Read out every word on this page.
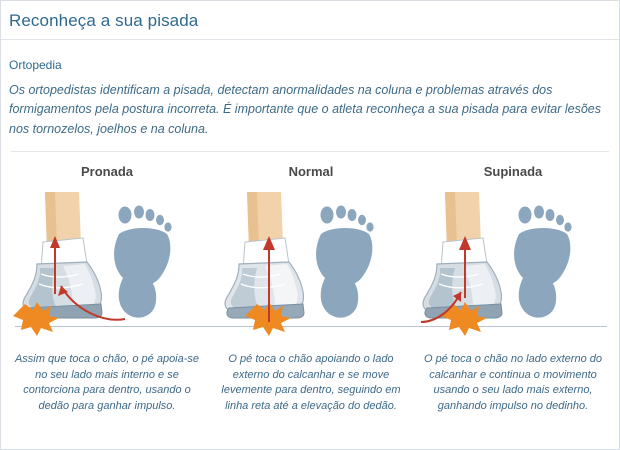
Reconheça a sua pisada
Ortopedia
Os ortopedistas identificam a pisada, detectam anormalidades na coluna e problemas através dos formigamentos pela postura incorreta. É importante que o atleta reconheça a sua pisada para evitar lesões nos tornozelos, joelhos e na coluna.
Pronada
Assim que toca o chão, o pé apoia-se no seu lado mais interno e se contorciona para dentro, usando o dedão para ganhar impulso.
Normal
O pé toca o chão apoiando o lado externo do calcanhar e se move levemente para dentro, seguindo em linha reta até a elevação do dedão.
Supinada
O pé toca o chão no lado externo do calcanhar e continua o movimento usando o seu lado mais externo, ganhando impulso no dedinho.
